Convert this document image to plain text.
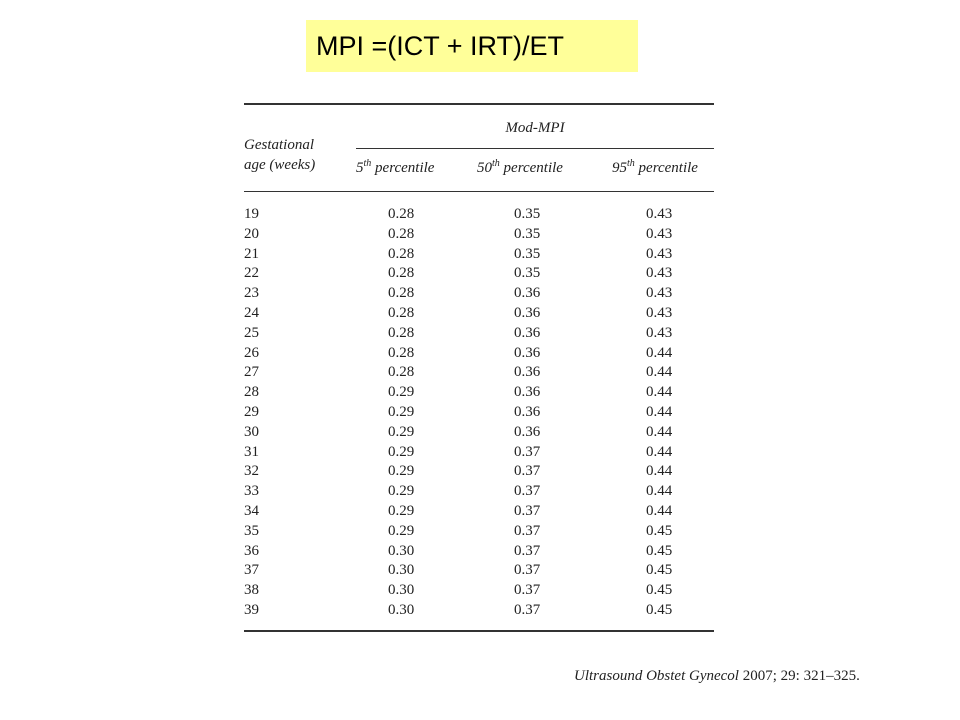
MPI =(ICT + IRT)/ET
Gestational
age (weeks)
Mod-MPI
5th percentile	50th percentile	95th percentile
19	0.28	0.35	0.43
20	0.28	0.35	0.43
21	0.28	0.35	0.43
22	0.28	0.35	0.43
23	0.28	0.36	0.43
24	0.28	0.36	0.43
25	0.28	0.36	0.43
26	0.28	0.36	0.44
27	0.28	0.36	0.44
28	0.29	0.36	0.44
29	0.29	0.36	0.44
30	0.29	0.36	0.44
31	0.29	0.37	0.44
32	0.29	0.37	0.44
33	0.29	0.37	0.44
34	0.29	0.37	0.44
35	0.29	0.37	0.45
36	0.30	0.37	0.45
37	0.30	0.37	0.45
38	0.30	0.37	0.45
39	0.30	0.37	0.45
Ultrasound Obstet Gynecol 2007; 29: 321–325.
